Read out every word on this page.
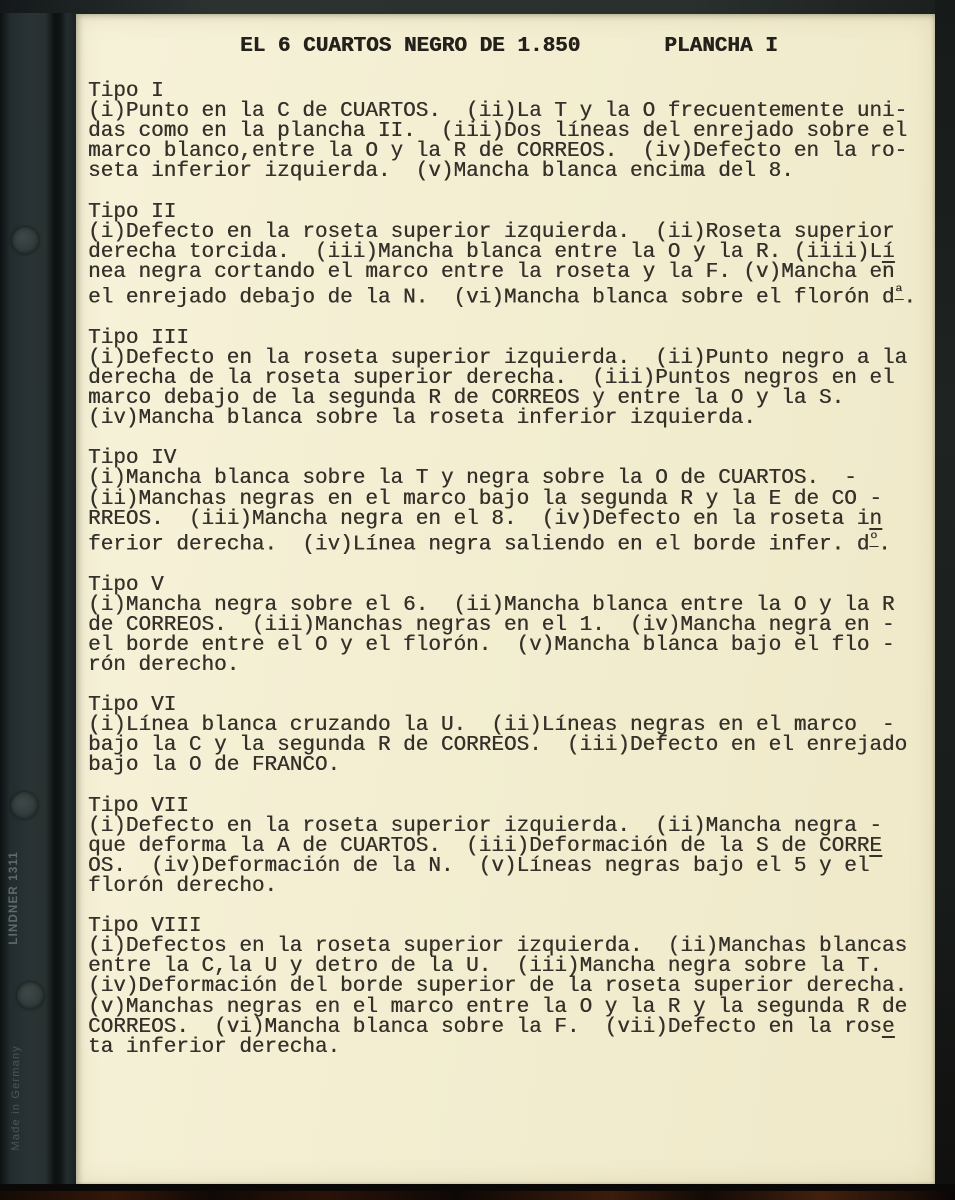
LINDNER 1311
Made in Germany
EL 6 CUARTOS NEGRO DE 1.850	PLANCHA I
Tipo I
(i)Punto en la C de CUARTOS.  (ii)La T y la O frecuentemente uni-
das como en la plancha II.  (iii)Dos líneas del enrejado sobre el
marco blanco,entre la O y la R de CORREOS.  (iv)Defecto en la ro-
seta inferior izquierda.  (v)Mancha blanca encima del 8.
Tipo II
(i)Defecto en la roseta superior izquierda.  (ii)Roseta superior
derecha torcida.  (iii)Mancha blanca entre la O y la R. (iiii)Lí
nea negra cortando el marco entre la roseta y la F. (v)Mancha en
el enrejado debajo de la N.  (vi)Mancha blanca sobre el florón $d^ª$.
Tipo III
(i)Defecto en la roseta superior izquierda.  (ii)Punto negro a la
derecha de la roseta superior derecha.  (iii)Puntos negros en el
marco debajo de la segunda R de CORREOS y entre la O y la S.
(iv)Mancha blanca sobre la roseta inferior izquierda.
Tipo IV
(i)Mancha blanca sobre la T y negra sobre la O de CUARTOS.  -
(ii)Manchas negras en el marco bajo la segunda R y la E de CO -
RREOS.  (iii)Mancha negra en el 8.  (iv)Defecto en la roseta in
ferior derecha.  (iv)Línea negra saliendo en el borde infer. $d^º$.
Tipo V
(i)Mancha negra sobre el 6.  (ii)Mancha blanca entre la O y la R
de CORREOS.  (iii)Manchas negras en el 1.  (iv)Mancha negra en -
el borde entre el O y el florón.  (v)Mancha blanca bajo el flo -
rón derecho.
Tipo VI
(i)Línea blanca cruzando la U.  (ii)Líneas negras en el marco  -
bajo la C y la segunda R de CORREOS.  (iii)Defecto en el enrejado
bajo la O de FRANCO.
Tipo VII
(i)Defecto en la roseta superior izquierda.  (ii)Mancha negra -
que deforma la A de CUARTOS.  (iii)Deformación de la S de CORRE
OS.  (iv)Deformación de la N.  (v)Líneas negras bajo el 5 y el
florón derecho.
Tipo VIII
(i)Defectos en la roseta superior izquierda.  (ii)Manchas blancas
entre la C,la U y detro de la U.  (iii)Mancha negra sobre la T.
(iv)Deformación del borde superior de la roseta superior derecha.
(v)Manchas negras en el marco entre la O y la R y la segunda R de
CORREOS.  (vi)Mancha blanca sobre la F.  (vii)Defecto en la rose
ta inferior derecha.
